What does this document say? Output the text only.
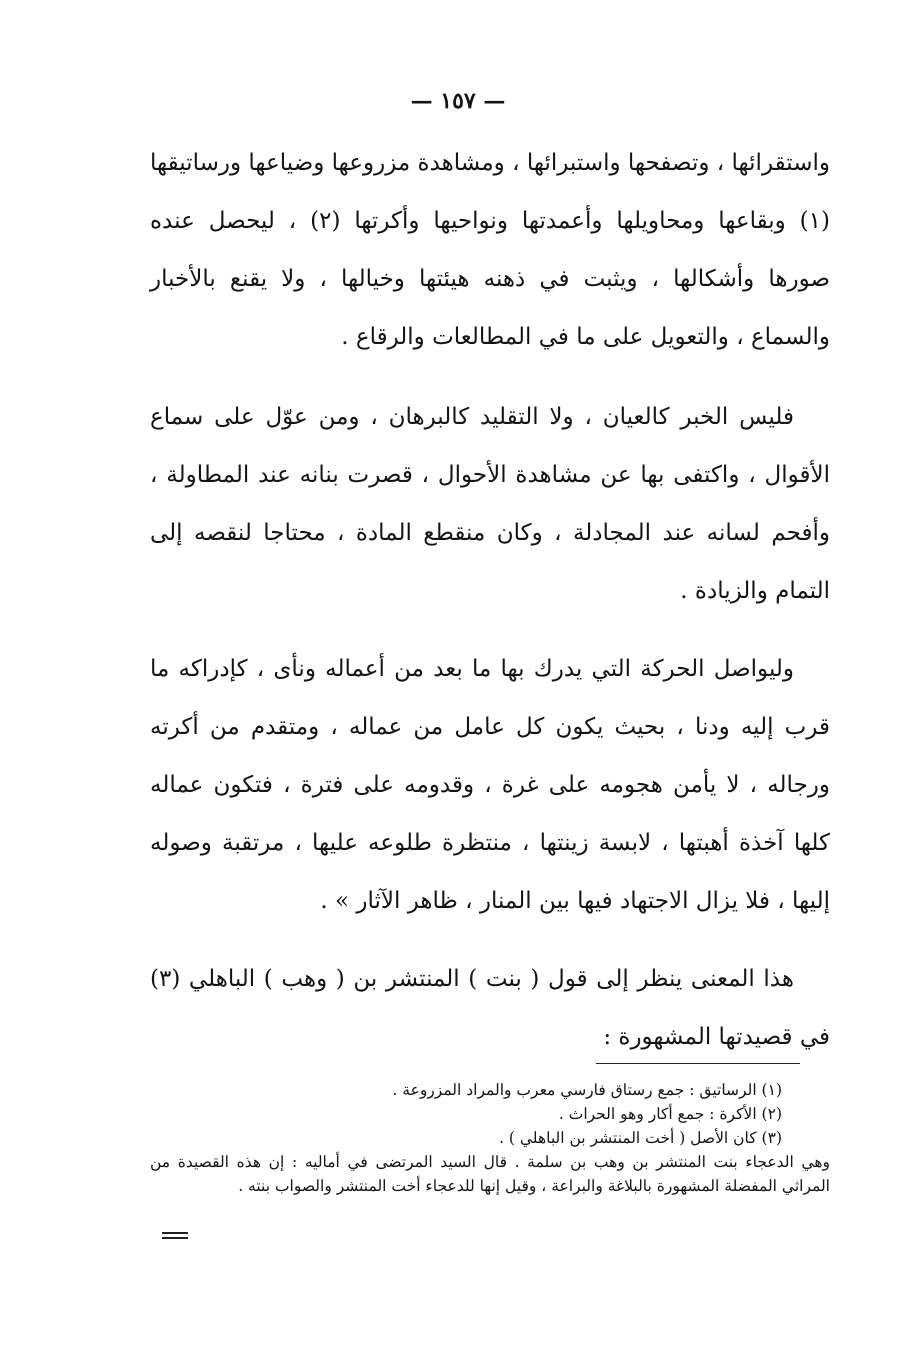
— ١٥٧ —

واستقرائها ، وتصفحها واستبرائها ، ومشاهدة مزروعها وضياعها ورساتيقها (١) وبقاعها ومحاويلها وأعمدتها ونواحيها وأكرتها (٢) ، ليحصل عنده صورها وأشكالها ، ويثبت في ذهنه هيئتها وخيالها ، ولا يقنع بالأخبار والسماع ، والتعويل على ما في المطالعات والرقاع .

فليس الخبر كالعيان ، ولا التقليد كالبرهان ، ومن عوّل على سماع الأقوال ، واكتفى بها عن مشاهدة الأحوال ، قصرت بنانه عند المطاولة ، وأفحم لسانه عند المجادلة ، وكان منقطع المادة ، محتاجا لنقصه إلى التمام والزيادة .

وليواصل الحركة التي يدرك بها ما بعد من أعماله ونأى ، كإدراكه ما قرب إليه ودنا ، بحيث يكون كل عامل من عماله ، ومتقدم من أكرته ورجاله ، لا يأمن هجومه على غرة ، وقدومه على فترة ، فتكون عماله كلها آخذة أهبتها ، لابسة زينتها ، منتظرة طلوعه عليها ، مرتقبة وصوله إليها ، فلا يزال الاجتهاد فيها بين المنار ، ظاهر الآثار » .

هذا المعنى ينظر إلى قول ( بنت ) المنتشر بن ( وهب ) الباهلي (٣) في قصيدتها المشهورة :

(١) الرساتيق : جمع رستاق فارسي معرب والمراد المزروعة .

(٢) الأكرة : جمع أكار وهو الحراث .

(٣) كان الأصل ( أخت المنتشر بن الباهلي ) .

وهي الدعجاء بنت المنتشر بن وهب بن سلمة . قال السيد المرتضى في أماليه : إن هذه القصيدة من المراثي المفضلة المشهورة بالبلاغة والبراعة ، وقيل إنها للدعجاء أخت المنتشر والصواب بنته .
